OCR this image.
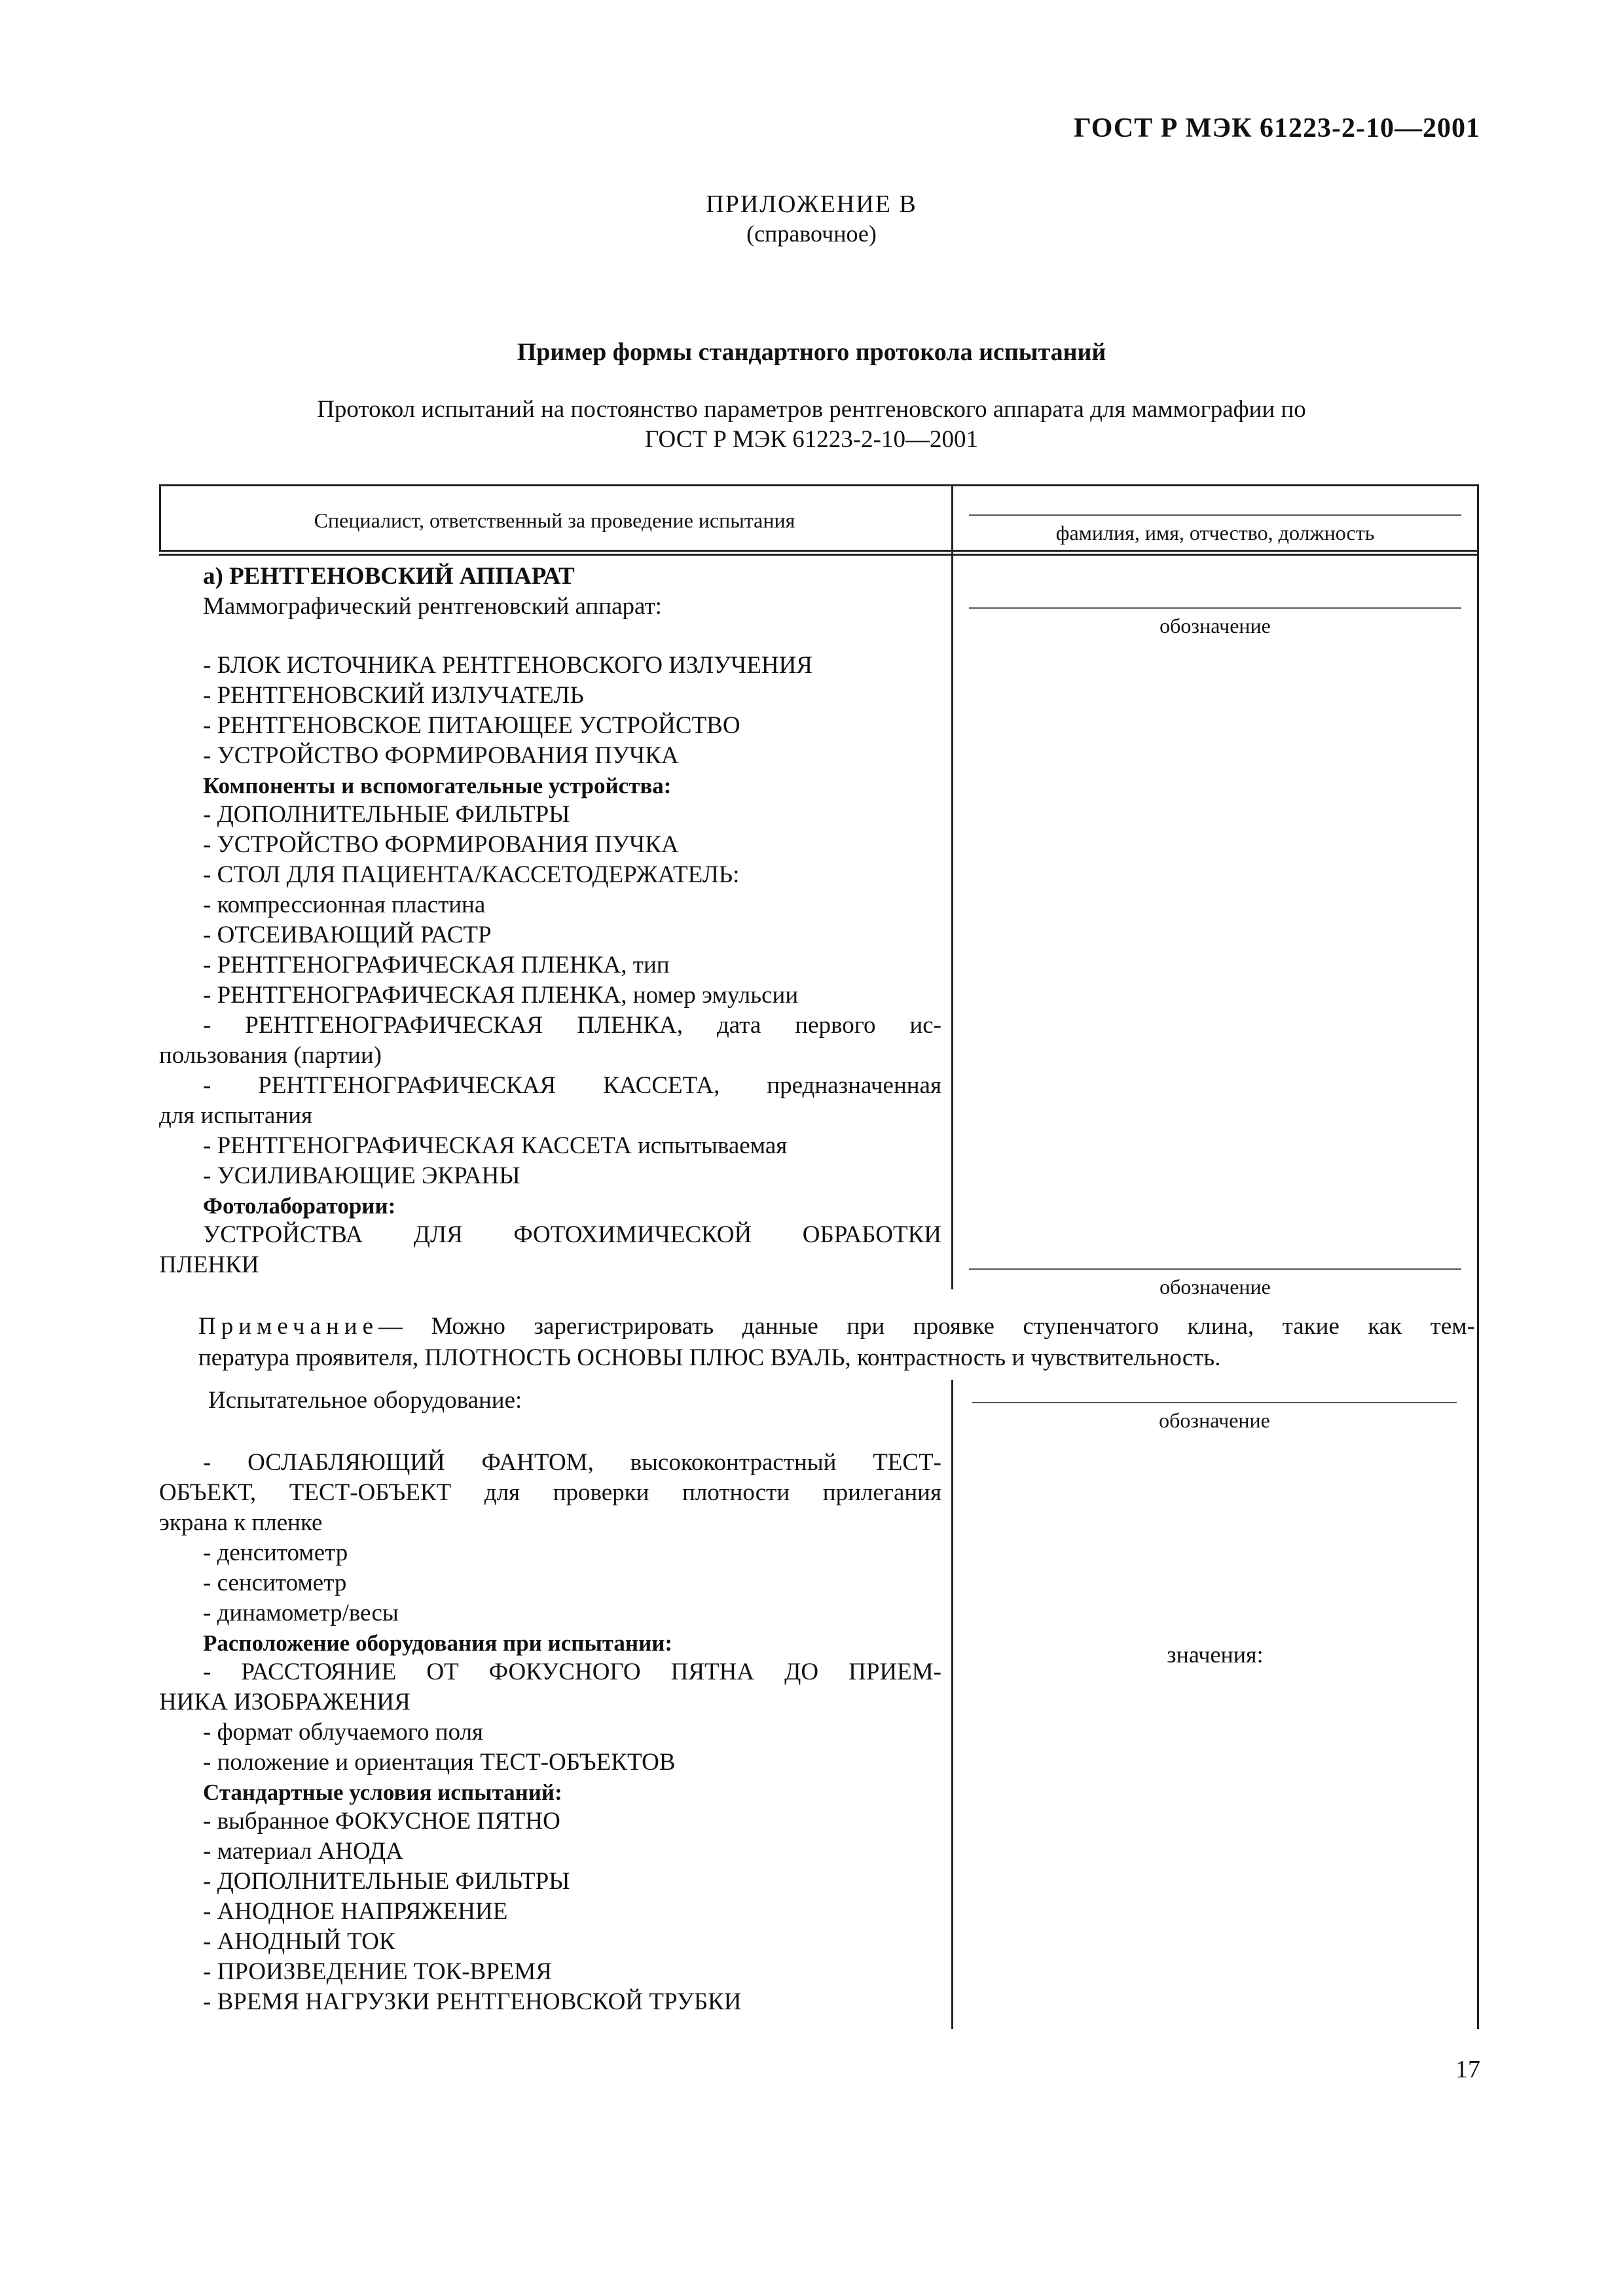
ГОСТ Р МЭК 61223-2-10—2001
ПРИЛОЖЕНИЕ В
(справочное)
Пример формы стандартного протокола испытаний
Протокол испытаний на постоянство параметров рентгеновского аппарата для маммографии по
ГОСТ Р МЭК 61223-2-10—2001
Специалист, ответственный за проведение испытания
фамилия, имя, отчество, должность
а) РЕНТГЕНОВСКИЙ АППАРАТ
Маммографический рентгеновский аппарат:
обозначение
- БЛОК ИСТОЧНИКА РЕНТГЕНОВСКОГО ИЗЛУЧЕНИЯ
- РЕНТГЕНОВСКИЙ ИЗЛУЧАТЕЛЬ
- РЕНТГЕНОВСКОЕ ПИТАЮЩЕЕ УСТРОЙСТВО
- УСТРОЙСТВО ФОРМИРОВАНИЯ ПУЧКА
Компоненты и вспомогательные устройства:
- ДОПОЛНИТЕЛЬНЫЕ ФИЛЬТРЫ
- УСТРОЙСТВО ФОРМИРОВАНИЯ ПУЧКА
- СТОЛ ДЛЯ ПАЦИЕНТА/КАССЕТОДЕРЖАТЕЛЬ:
- компрессионная пластина
- ОТСЕИВАЮЩИЙ РАСТР
- РЕНТГЕНОГРАФИЧЕСКАЯ ПЛЕНКА, тип
- РЕНТГЕНОГРАФИЧЕСКАЯ ПЛЕНКА, номер эмульсии
- РЕНТГЕНОГРАФИЧЕСКАЯ ПЛЕНКА, дата первого ис-
пользования (партии)
- РЕНТГЕНОГРАФИЧЕСКАЯ КАССЕТА, предназначенная
для испытания
- РЕНТГЕНОГРАФИЧЕСКАЯ КАССЕТА испытываемая
- УСИЛИВАЮЩИЕ ЭКРАНЫ
Фотолаборатории:
УСТРОЙСТВА ДЛЯ ФОТОХИМИЧЕСКОЙ ОБРАБОТКИ
ПЛЕНКИ
обозначение
Примечание— Можно зарегистрировать данные при проявке ступенчатого клина, такие как тем-
пература проявителя, ПЛОТНОСТЬ ОСНОВЫ ПЛЮС ВУАЛЬ, контрастность и чувствительность.
Испытательное оборудование:
обозначение
- ОСЛАБЛЯЮЩИЙ ФАНТОМ, высококонтрастный ТЕСТ-
ОБЪЕКТ, ТЕСТ-ОБЪЕКТ для проверки плотности прилегания
экрана к пленке
- денситометр
- сенситометр
- динамометр/весы
Расположение оборудования при испытании:	значения:
- РАССТОЯНИЕ ОТ ФОКУСНОГО ПЯТНА ДО ПРИЕМ-
НИКА ИЗОБРАЖЕНИЯ
- формат облучаемого поля
- положение и ориентация ТЕСТ-ОБЪЕКТОВ
Стандартные условия испытаний:
- выбранное ФОКУСНОЕ ПЯТНО
- материал АНОДА
- ДОПОЛНИТЕЛЬНЫЕ ФИЛЬТРЫ
- АНОДНОЕ НАПРЯЖЕНИЕ
- АНОДНЫЙ ТОК
- ПРОИЗВЕДЕНИЕ ТОК-ВРЕМЯ
- ВРЕМЯ НАГРУЗКИ РЕНТГЕНОВСКОЙ ТРУБКИ
17
